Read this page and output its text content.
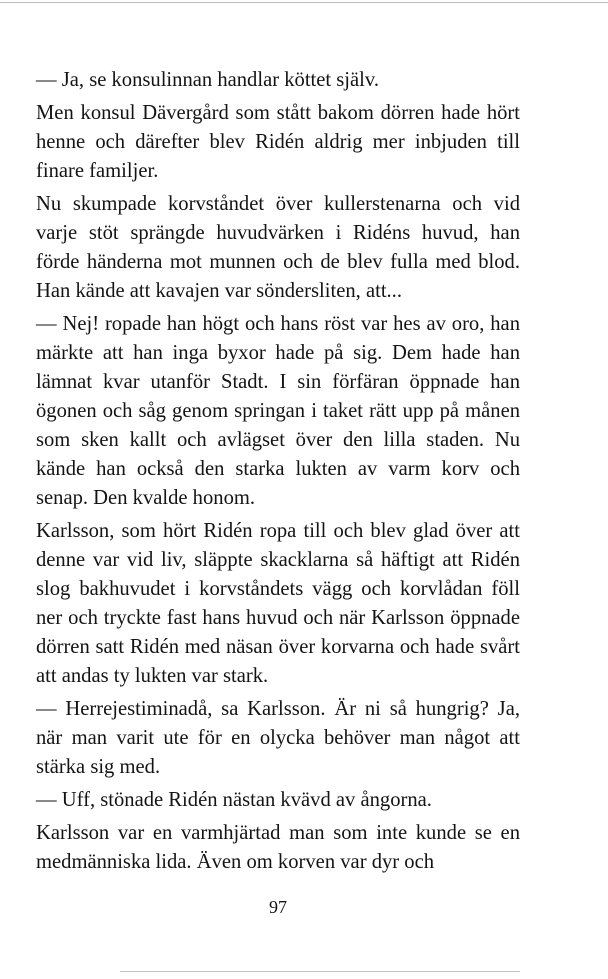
— Ja, se konsulinnan handlar köttet själv.

Men konsul Dävergård som stått bakom dörren hade hört henne och därefter blev Ridén aldrig mer inbjuden till finare familjer.

Nu skumpade korvståndet över kullerstenarna och vid varje stöt sprängde huvudvärken i Ridéns huvud, han förde händerna mot munnen och de blev fulla med blod. Han kände att kavajen var söndersliten, att...

— Nej! ropade han högt och hans röst var hes av oro, han märkte att han inga byxor hade på sig. Dem hade han lämnat kvar utanför Stadt. I sin förfäran öppnade han ögonen och såg genom springan i taket rätt upp på månen som sken kallt och avlägset över den lilla staden. Nu kände han också den starka lukten av varm korv och senap. Den kvalde honom.

Karlsson, som hört Ridén ropa till och blev glad över att denne var vid liv, släppte skacklarna så häftigt att Ridén slog bakhuvudet i korvståndets vägg och korvlådan föll ner och tryckte fast hans huvud och när Karlsson öppnade dörren satt Ridén med näsan över korvarna och hade svårt att andas ty lukten var stark.

— Herrejestiminadå, sa Karlsson. Är ni så hungrig? Ja, när man varit ute för en olycka behöver man något att stärka sig med.

— Uff, stönade Ridén nästan kvävd av ångorna.

Karlsson var en varmhjärtad man som inte kunde se en medmänniska lida. Även om korven var dyr och

97
